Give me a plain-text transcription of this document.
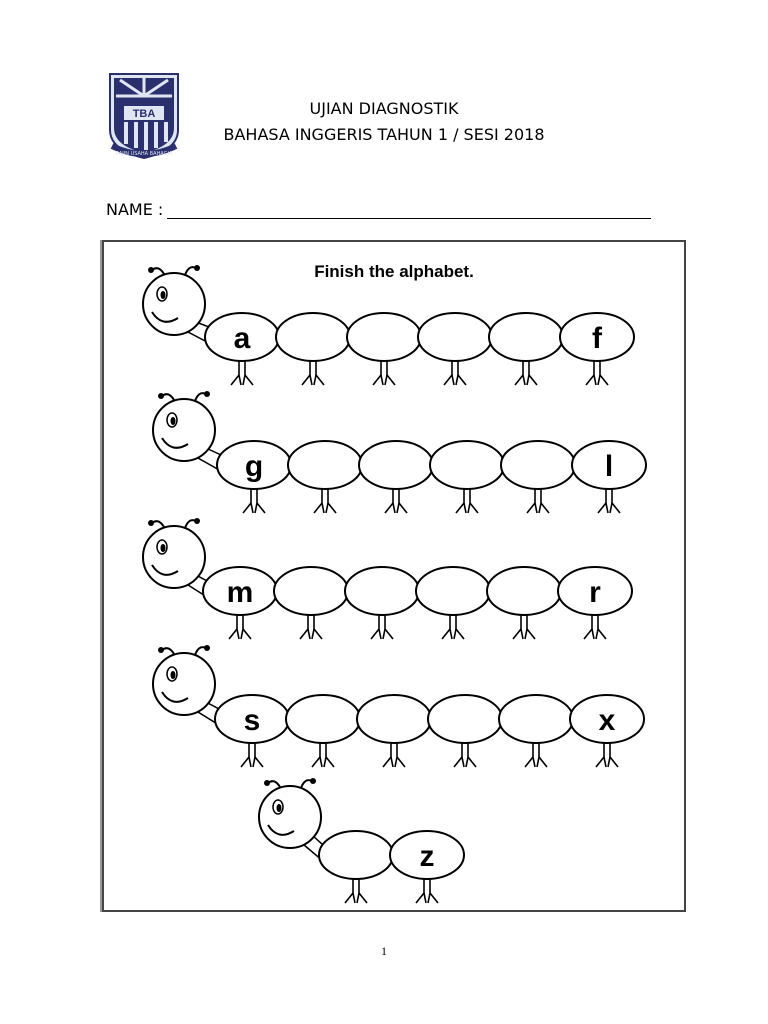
TBA
RAJIN USAHA BAHAGIA
UJIAN DIAGNOSTIK
BAHASA INGGERIS TAHUN 1 / SESI 2018
NAME :
Finish the alphabet.
a	f
g	l
m	r
s	x
z
1
